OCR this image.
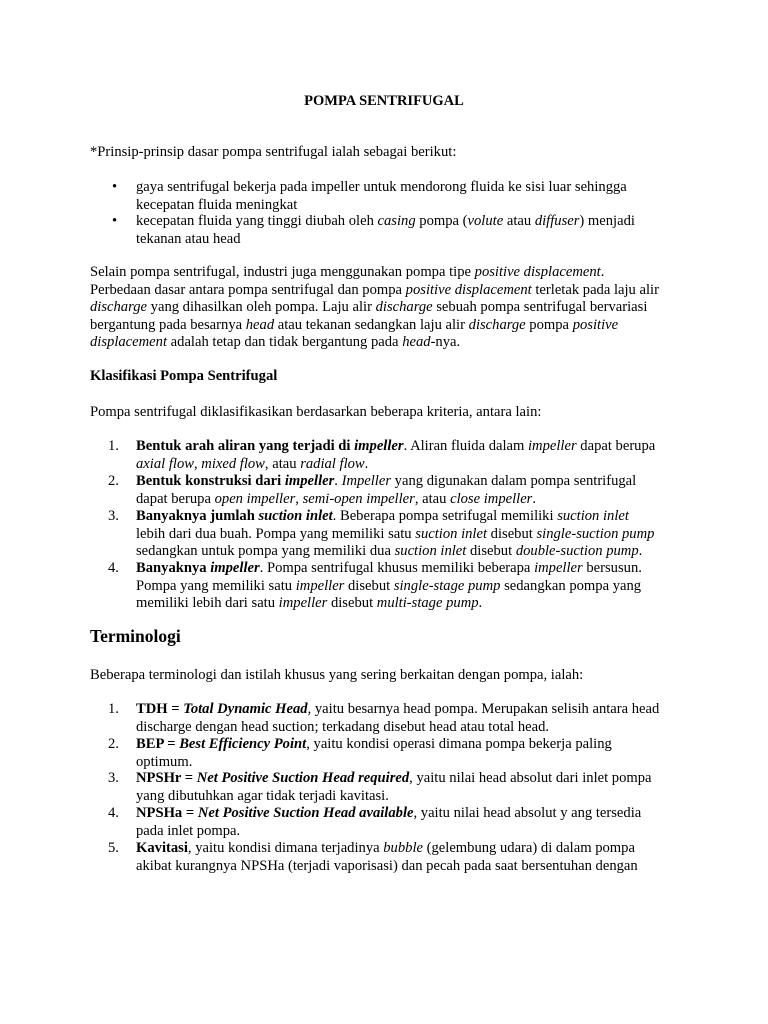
POMPA SENTRIFUGAL
*Prinsip-prinsip dasar pompa sentrifugal ialah sebagai berikut:
• gaya sentrifugal bekerja pada impeller untuk mendorong fluida ke sisi luar sehingga
kecepatan fluida meningkat
• kecepatan fluida yang tinggi diubah oleh casing pompa (volute atau diffuser) menjadi
tekanan atau head
Selain pompa sentrifugal, industri juga menggunakan pompa tipe positive displacement.
Perbedaan dasar antara pompa sentrifugal dan pompa positive displacement terletak pada laju alir
discharge yang dihasilkan oleh pompa. Laju alir discharge sebuah pompa sentrifugal bervariasi
bergantung pada besarnya head atau tekanan sedangkan laju alir discharge pompa positive
displacement adalah tetap dan tidak bergantung pada head-nya.
Klasifikasi Pompa Sentrifugal
Pompa sentrifugal diklasifikasikan berdasarkan beberapa kriteria, antara lain:
1. Bentuk arah aliran yang terjadi di impeller. Aliran fluida dalam impeller dapat berupa
axial flow, mixed flow, atau radial flow.
2. Bentuk konstruksi dari impeller. Impeller yang digunakan dalam pompa sentrifugal
dapat berupa open impeller, semi-open impeller, atau close impeller.
3. Banyaknya jumlah suction inlet. Beberapa pompa setrifugal memiliki suction inlet
lebih dari dua buah. Pompa yang memiliki satu suction inlet disebut single-suction pump
sedangkan untuk pompa yang memiliki dua suction inlet disebut double-suction pump.
4. Banyaknya impeller. Pompa sentrifugal khusus memiliki beberapa impeller bersusun.
Pompa yang memiliki satu impeller disebut single-stage pump sedangkan pompa yang
memiliki lebih dari satu impeller disebut multi-stage pump.
Terminologi
Beberapa terminologi dan istilah khusus yang sering berkaitan dengan pompa, ialah:
1. TDH = Total Dynamic Head, yaitu besarnya head pompa. Merupakan selisih antara head
discharge dengan head suction; terkadang disebut head atau total head.
2. BEP = Best Efficiency Point, yaitu kondisi operasi dimana pompa bekerja paling
optimum.
3. NPSHr = Net Positive Suction Head required, yaitu nilai head absolut dari inlet pompa
yang dibutuhkan agar tidak terjadi kavitasi.
4. NPSHa = Net Positive Suction Head available, yaitu nilai head absolut y ang tersedia
pada inlet pompa.
5. Kavitasi, yaitu kondisi dimana terjadinya bubble (gelembung udara) di dalam pompa
akibat kurangnya NPSHa (terjadi vaporisasi) dan pecah pada saat bersentuhan dengan
